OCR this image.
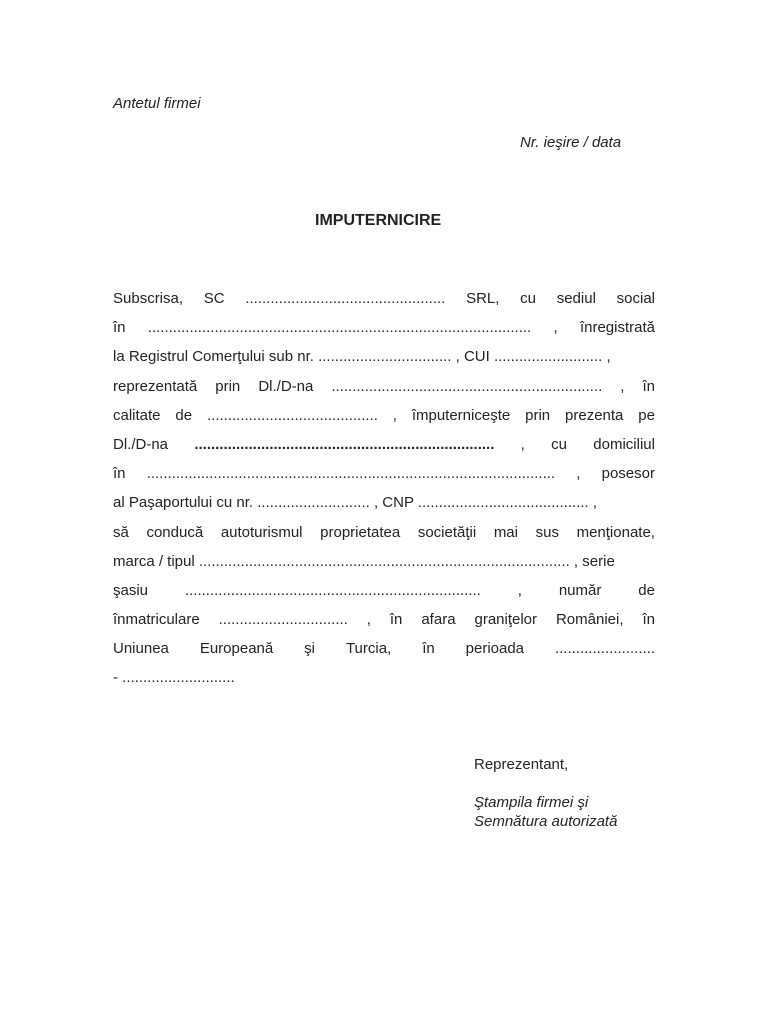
Antetul firmei
Nr. ieşire / data
IMPUTERNICIRE
Subscrisa, SC ................................................ SRL, cu sediul social
în ............................................................................................ , înregistrată
la Registrul Comerţului sub nr. ................................ , CUI .......................... ,
reprezentată prin Dl./D-na ................................................................. , în
calitate de ......................................... , împuterniceşte prin prezenta pe
Dl./D-na ........................................................................ , cu domiciliul
în .................................................................................................. , posesor
al Paşaportului cu nr. ........................... , CNP ......................................... ,
să conducă autoturismul proprietatea societăţii mai sus menţionate,
marca / tipul ......................................................................................... , serie
şasiu ....................................................................... , număr de
înmatriculare ............................... , în afara graniţelor României, în
Uniunea Europeană şi Turcia, în perioada ........................
- ...........................
Reprezentant,
Ştampila firmei şi
Semnătura autorizată
